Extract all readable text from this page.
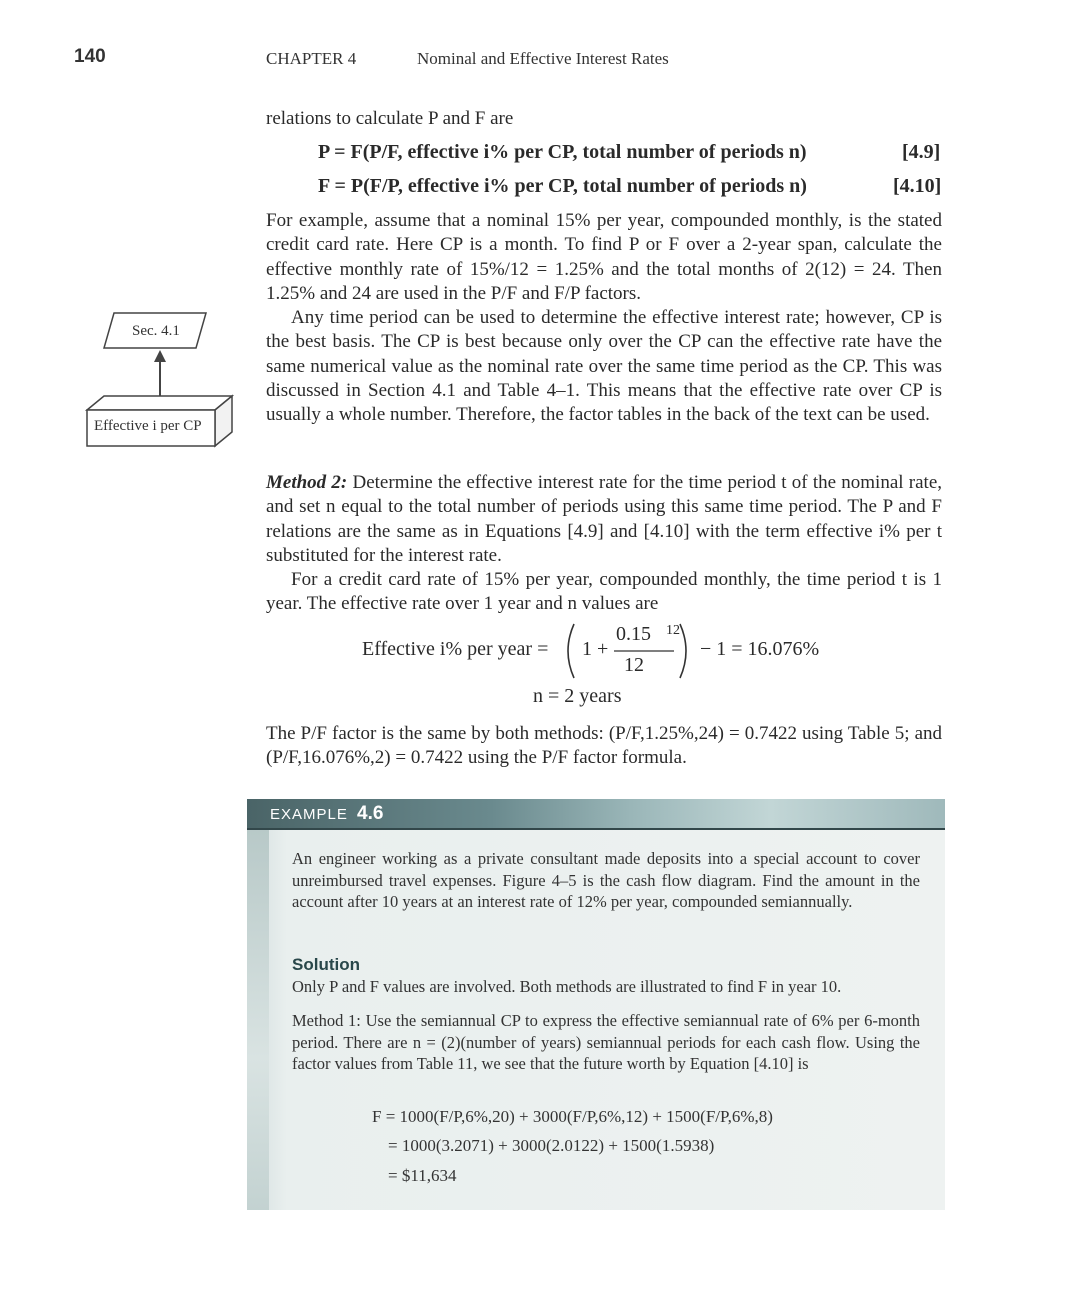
140	CHAPTER 4	Nominal and Effective Interest Rates
relations to calculate P and F are
P = F(P/F, effective i% per CP, total number of periods n)	[4.9]
F = P(F/P, effective i% per CP, total number of periods n)	[4.10]
For example, assume that a nominal 15% per year, compounded monthly, is the stated credit card rate. Here CP is a month. To find P or F over a 2-year span, calculate the effective monthly rate of 15%/12 = 1.25% and the total months of 2(12) = 24. Then 1.25% and 24 are used in the P/F and F/P factors.
Any time period can be used to determine the effective interest rate; however, CP is the best basis. The CP is best because only over the CP can the effective rate have the same numerical value as the nominal rate over the same time period as the CP. This was discussed in Section 4.1 and Table 4–1. This means that the effective rate over CP is usually a whole number. Therefore, the factor tables in the back of the text can be used.
Sec. 4.1
Effective i per CP
Method 2: Determine the effective interest rate for the time period t of the nominal rate, and set n equal to the total number of periods using this same time period. The P and F relations are the same as in Equations [4.9] and [4.10] with the term effective i% per t substituted for the interest rate.
For a credit card rate of 15% per year, compounded monthly, the time period t is 1 year. The effective rate over 1 year and n values are
Effective i% per year = 1 +
0.15
12
12
− 1 = 16.076%
n = 2 years
The P/F factor is the same by both methods: (P/F,1.25%,24) = 0.7422 using Table 5; and (P/F,16.076%,2) = 0.7422 using the P/F factor formula.
EXAMPLE 4.6
An engineer working as a private consultant made deposits into a special account to cover unreimbursed travel expenses. Figure 4–5 is the cash flow diagram. Find the amount in the account after 10 years at an interest rate of 12% per year, compounded semiannually.
Solution
Only P and F values are involved. Both methods are illustrated to find F in year 10.
Method 1: Use the semiannual CP to express the effective semiannual rate of 6% per 6-month period. There are n = (2)(number of years) semiannual periods for each cash flow. Using the factor values from Table 11, we see that the future worth by Equation [4.10] is
F = 1000(F/P,6%,20) + 3000(F/P,6%,12) + 1500(F/P,6%,8)
= 1000(3.2071) + 3000(2.0122) + 1500(1.5938)
= $11,634
